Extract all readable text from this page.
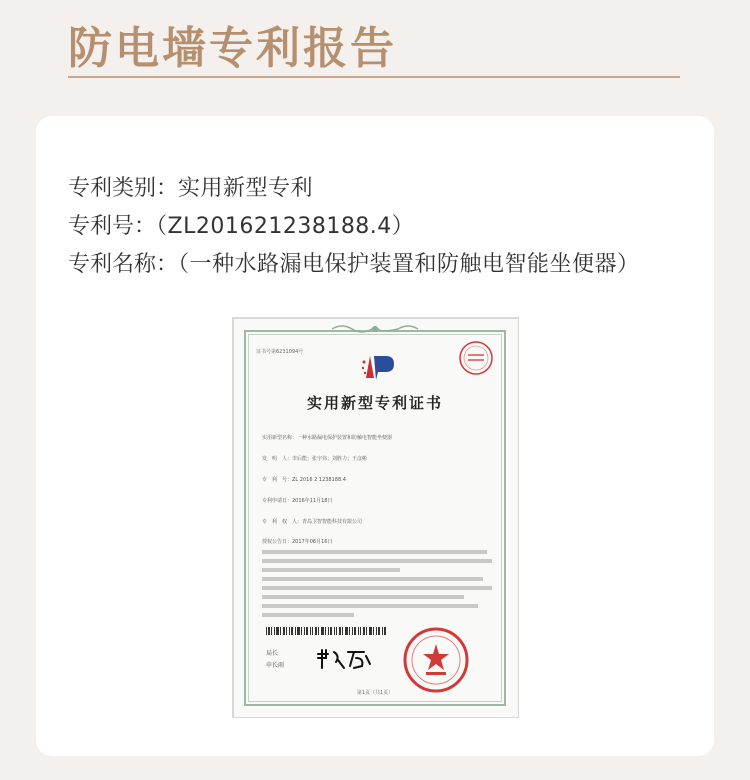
防电墙专利报告
专利类别：实用新型专利
专利号：（ZL201621238188.4）
专利名称：（一种水路漏电保护装置和防触电智能坐便器）
证书号第6231094号
实用新型专利证书
实用新型名称：一种水路漏电保护装置和防触电智能坐便器
发　明　人：李后能；张宇伟；刘胜力；王彦彬
专　利　号：ZL 2016 2 1238188.4
专利申请日：2016年11月18日
专　利　权　人：青岛卫智智能科技有限公司
授权公告日：2017年06月16日
局长
申长雨
第1页（共1页）
